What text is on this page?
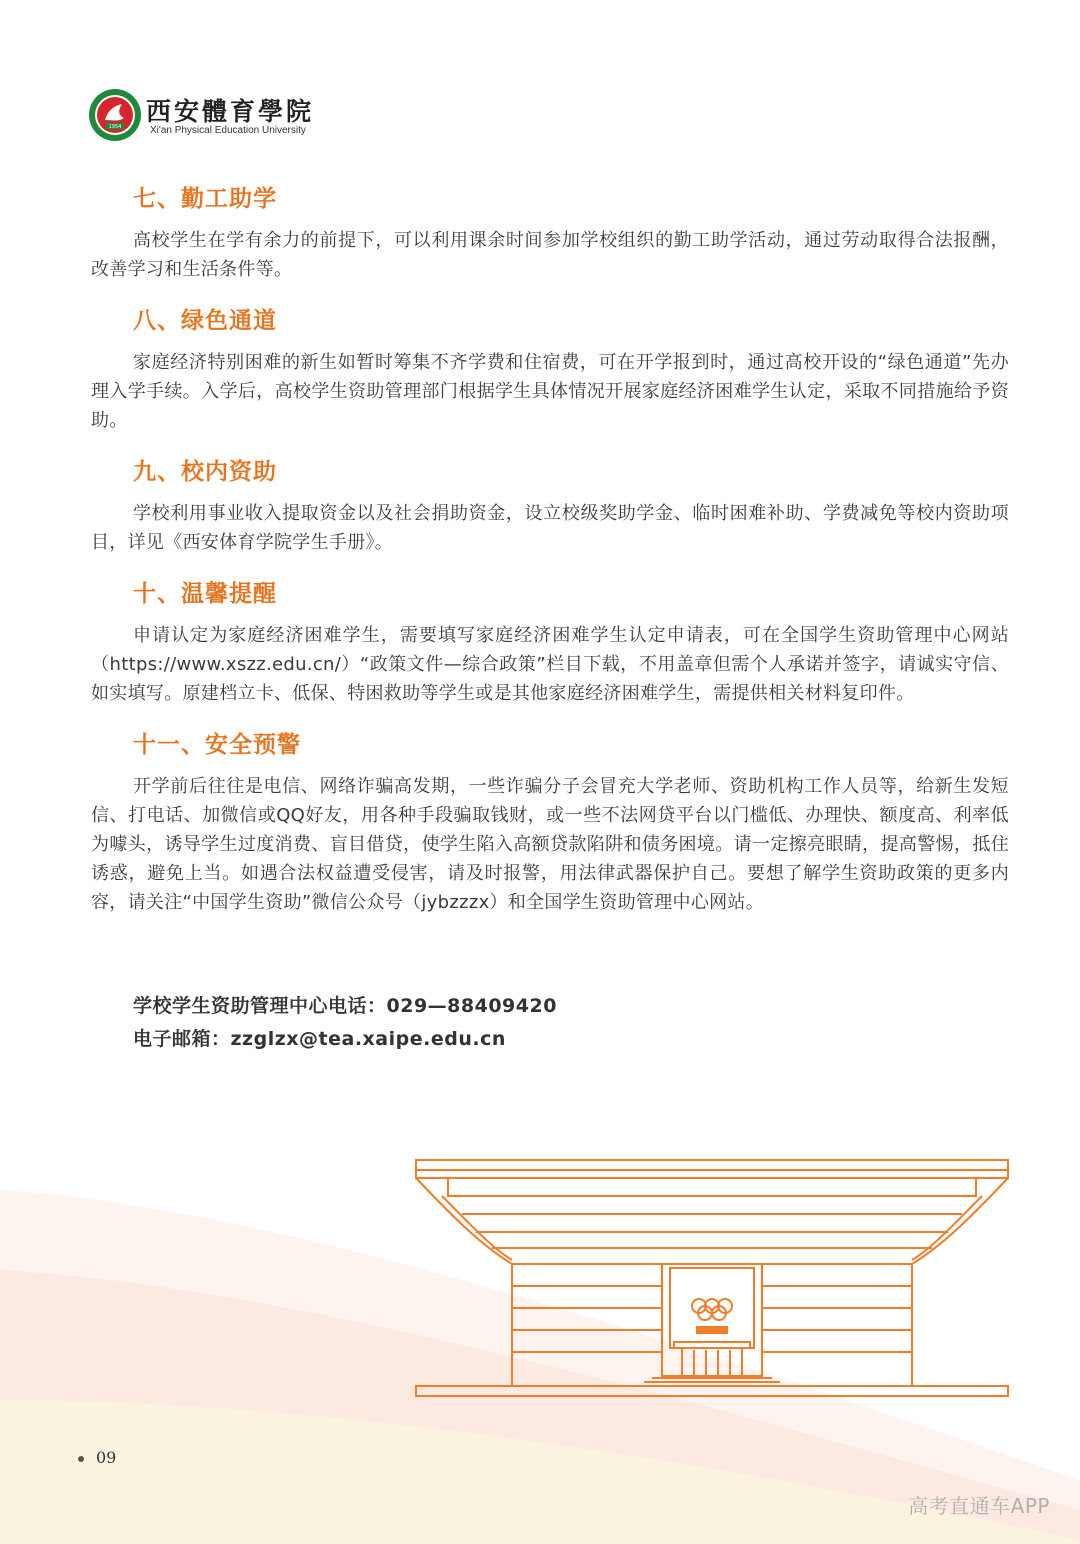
1954
西安體育學院
Xi'an Physical Education University
七、勤工助学

高校学生在学有余力的前提下，可以利用课余时间参加学校组织的勤工助学活动，通过劳动取得合法报酬，改善学习和生活条件等。

八、绿色通道

家庭经济特别困难的新生如暂时筹集不齐学费和住宿费，可在开学报到时，通过高校开设的“绿色通道”先办理入学手续。入学后，高校学生资助管理部门根据学生具体情况开展家庭经济困难学生认定，采取不同措施给予资助。

九、校内资助

学校利用事业收入提取资金以及社会捐助资金，设立校级奖助学金、临时困难补助、学费减免等校内资助项目，详见《西安体育学院学生手册》。

十、温馨提醒

申请认定为家庭经济困难学生，需要填写家庭经济困难学生认定申请表，可在全国学生资助管理中心网站（https://www.xszz.edu.cn/）“政策文件—综合政策”栏目下载，不用盖章但需个人承诺并签字，请诚实守信、如实填写。原建档立卡、低保、特困救助等学生或是其他家庭经济困难学生，需提供相关材料复印件。

十一、安全预警

开学前后往往是电信、网络诈骗高发期，一些诈骗分子会冒充大学老师、资助机构工作人员等，给新生发短信、打电话、加微信或QQ好友，用各种手段骗取钱财，或一些不法网贷平台以门槛低、办理快、额度高、利率低为噱头，诱导学生过度消费、盲目借贷，使学生陷入高额贷款陷阱和债务困境。请一定擦亮眼睛，提高警惕，抵住诱惑，避免上当。如遇合法权益遭受侵害，请及时报警，用法律武器保护自己。要想了解学生资助政策的更多内容，请关注“中国学生资助”微信公众号（jybzzzx）和全国学生资助管理中心网站。

学校学生资助管理中心电话：029—88409420
电子邮箱：zzglzx@tea.xaipe.edu.cn
09
高考直通车APP
